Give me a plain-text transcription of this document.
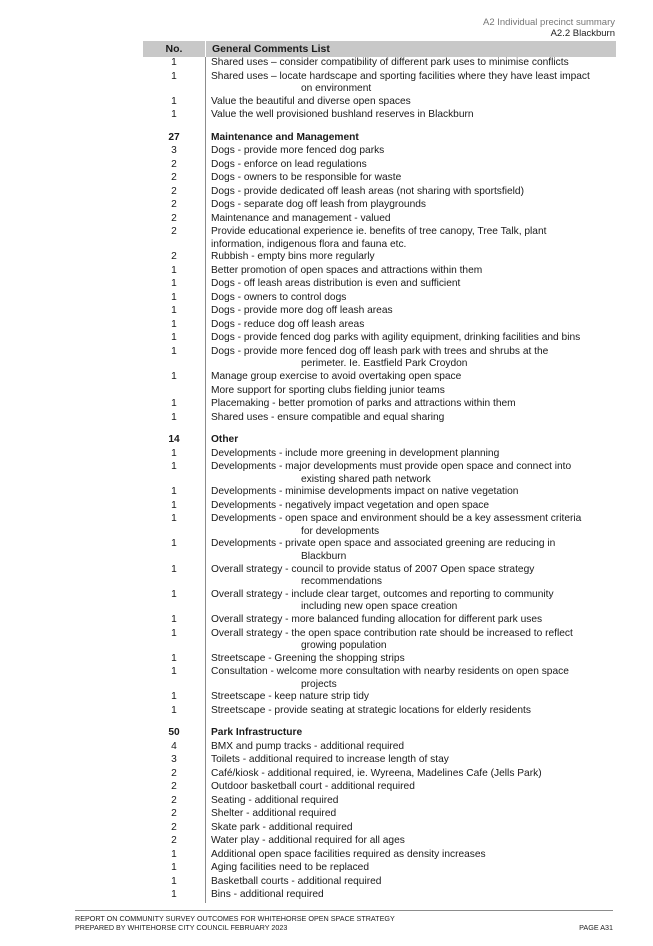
A2 Individual precinct summary
A2.2 Blackburn
No.	General Comments List
1	Shared uses – consider compatibility of different park uses to minimise conflicts
1	Shared uses – locate hardscape and sporting facilities where they have least impact
on environment
1	Value the beautiful and diverse open spaces
1	Value the well provisioned bushland reserves in Blackburn
27	Maintenance and Management
3	Dogs - provide more fenced dog parks
2	Dogs - enforce on lead regulations
2	Dogs - owners to be responsible for waste
2	Dogs - provide dedicated off leash areas (not sharing with sportsfield)
2	Dogs - separate dog off leash from playgrounds
2	Maintenance and management - valued
2	Provide educational experience ie. benefits of tree canopy, Tree Talk, plant
information, indigenous flora and fauna etc.
2	Rubbish - empty bins more regularly
1	Better promotion of open spaces and attractions within them
1	Dogs - off leash areas distribution is even and sufficient
1	Dogs - owners to control dogs
1	Dogs - provide more dog off leash areas
1	Dogs - reduce dog off leash areas
1	Dogs - provide fenced dog parks with agility equipment, drinking facilities and bins
1	Dogs - provide more fenced dog off leash park with trees and shrubs at the
perimeter. Ie. Eastfield Park Croydon
1	Manage group exercise to avoid overtaking open space
More support for sporting clubs fielding junior teams
1	Placemaking - better promotion of parks and attractions within them
1	Shared uses - ensure compatible and equal sharing
14	Other
1	Developments - include more greening in development planning
1	Developments - major developments must provide open space and connect into
existing shared path network
1	Developments - minimise developments impact on native vegetation
1	Developments - negatively impact vegetation and open space
1	Developments - open space and environment should be a key assessment criteria
for developments
1	Developments - private open space and associated greening are reducing in
Blackburn
1	Overall strategy - council to provide status of 2007 Open space strategy
recommendations
1	Overall strategy - include clear target, outcomes and reporting to community
including new open space creation
1	Overall strategy - more balanced funding allocation for different park uses
1	Overall strategy - the open space contribution rate should be increased to reflect
growing population
1	Streetscape - Greening the shopping strips
1	Consultation - welcome more consultation with nearby residents on open space
projects
1	Streetscape - keep nature strip tidy
1	Streetscape - provide seating at strategic locations for elderly residents
50	Park Infrastructure
4	BMX and pump tracks - additional required
3	Toilets - additional required to increase length of stay
2	Café/kiosk - additional required, ie. Wyreena, Madelines Cafe (Jells Park)
2	Outdoor basketball court - additional required
2	Seating - additional required
2	Shelter - additional required
2	Skate park - additional required
2	Water play - additional required for all ages
1	Additional open space facilities required as density increases
1	Aging facilities need to be replaced
1	Basketball courts - additional required
1	Bins - additional required
REPORT ON COMMUNITY SURVEY OUTCOMES FOR WHITEHORSE OPEN SPACE STRATEGY
PREPARED BY WHITEHORSE CITY COUNCIL FEBRUARY 2023	PAGE A31
